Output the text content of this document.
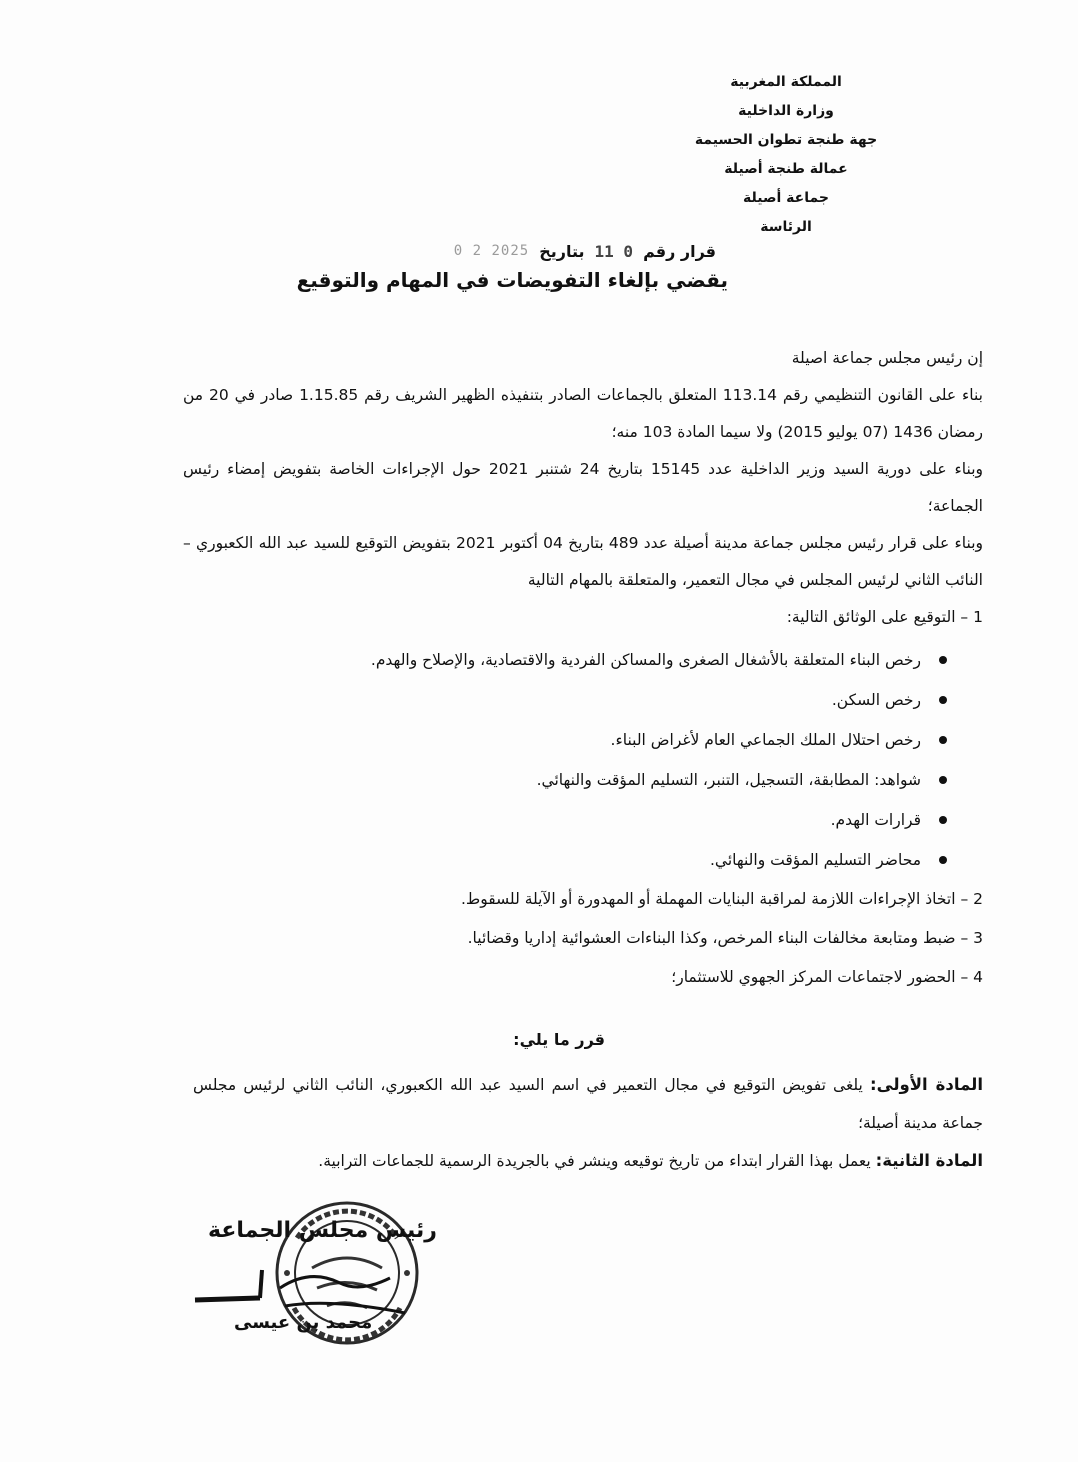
المملكة المغربية
وزارة الداخلية
جهة طنجة تطوان الحسيمة
عمالة طنجة أصيلة
جماعة أصيلة
الرئاسة
قرار رقم
0 11
بتاريخ
2025 2 0
يقضي بإلغاء التفويضات في المهام والتوقيع

إن رئيس مجلس جماعة اصيلة

بناء على القانون التنظيمي رقم 113.14 المتعلق بالجماعات الصادر بتنفيذه الظهير الشريف رقم 1.15.85 صادر في 20 من رمضان 1436 (07 يوليو 2015) ولا سيما المادة 103 منه؛

وبناء على دورية السيد وزير الداخلية عدد 15145 بتاريخ 24 شتنبر 2021 حول الإجراءات الخاصة بتفويض إمضاء رئيس الجماعة؛

وبناء على قرار رئيس مجلس جماعة مدينة أصيلة عدد 489 بتاريخ 04 أكتوبر 2021 بتفويض التوقيع للسيد عبد الله الكعبوري – النائب الثاني لرئيس المجلس في مجال التعمير، والمتعلقة بالمهام التالية

1 – التوقيع على الوثائق التالية:

رخص البناء المتعلقة بالأشغال الصغرى والمساكن الفردية والاقتصادية، والإصلاح والهدم.
رخص السكن.
رخص احتلال الملك الجماعي العام لأغراض البناء.
شواهد: المطابقة، التسجيل، التنبر، التسليم المؤقت والنهائي.
قرارات الهدم.
محاضر التسليم المؤقت والنهائي.

2 – اتخاذ الإجراءات اللازمة لمراقبة البنايات المهملة أو المهدورة أو الآيلة للسقوط.

3 – ضبط ومتابعة مخالفات البناء المرخص، وكذا البناءات العشوائية إداريا وقضائيا.

4 – الحضور لاجتماعات المركز الجهوي للاستثمار؛

قرر ما يلي:

المادة الأولى: يلغى تفويض التوقيع في مجال التعمير في اسم السيد عبد الله الكعبوري، النائب الثاني لرئيس مجلس جماعة مدينة أصيلة؛

المادة الثانية: يعمل بهذا القرار ابتداء من تاريخ توقيعه وينشر في بالجريدة الرسمية للجماعات الترابية.

رئيس مجلس الجماعة
محمد بن عيسى
